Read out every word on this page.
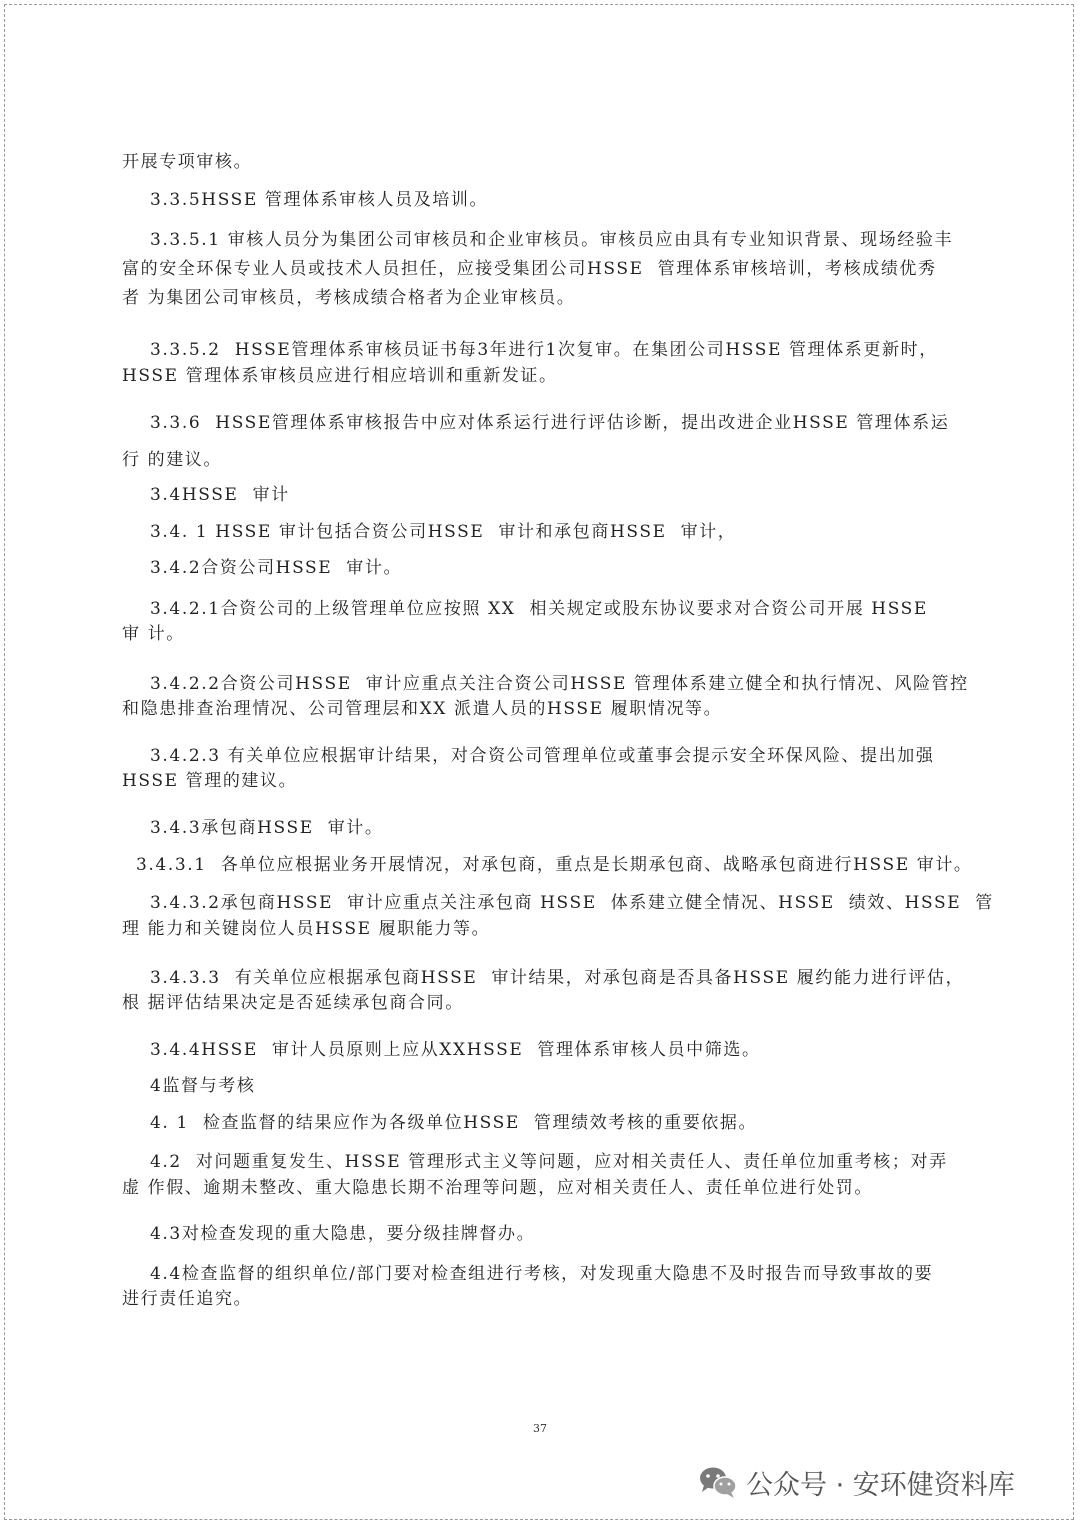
开展专项审核。
3.3.5HSSE 管理体系审核人员及培训。
3.3.5.1 审核人员分为集团公司审核员和企业审核员。审核员应由具有专业知识背景、现场经验丰
富的安全环保专业人员或技术人员担任，应接受集团公司HSSE  管理体系审核培训，考核成绩优秀
者 为集团公司审核员，考核成绩合格者为企业审核员。
3.3.5.2  HSSE管理体系审核员证书每3年进行1次复审。在集团公司HSSE 管理体系更新时，
HSSE 管理体系审核员应进行相应培训和重新发证。
3.3.6  HSSE管理体系审核报告中应对体系运行进行评估诊断，提出改进企业HSSE 管理体系运
行 的建议。
3.4HSSE  审计
3.4. 1 HSSE 审计包括合资公司HSSE  审计和承包商HSSE  审计，
3.4.2合资公司HSSE  审计。
3.4.2.1合资公司的上级管理单位应按照 XX  相关规定或股东协议要求对合资公司开展 HSSE
审 计。
3.4.2.2合资公司HSSE  审计应重点关注合资公司HSSE 管理体系建立健全和执行情况、风险管控
和隐患排查治理情况、公司管理层和XX 派遣人员的HSSE 履职情况等。
3.4.2.3 有关单位应根据审计结果，对合资公司管理单位或董事会提示安全环保风险、提出加强
HSSE 管理的建议。
3.4.3承包商HSSE  审计。
3.4.3.1  各单位应根据业务开展情况，对承包商，重点是长期承包商、战略承包商进行HSSE 审计。
3.4.3.2承包商HSSE  审计应重点关注承包商 HSSE  体系建立健全情况、HSSE  绩效、HSSE  管
理 能力和关键岗位人员HSSE 履职能力等。
3.4.3.3  有关单位应根据承包商HSSE  审计结果，对承包商是否具备HSSE 履约能力进行评估，
根 据评估结果决定是否延续承包商合同。
3.4.4HSSE  审计人员原则上应从XXHSSE  管理体系审核人员中筛选。
4监督与考核
4. 1  检查监督的结果应作为各级单位HSSE  管理绩效考核的重要依据。
4.2  对问题重复发生、HSSE 管理形式主义等问题，应对相关责任人、责任单位加重考核；对弄
虚 作假、逾期未整改、重大隐患长期不治理等问题，应对相关责任人、责任单位进行处罚。
4.3对检查发现的重大隐患，要分级挂牌督办。
4.4检查监督的组织单位/部门要对检查组进行考核，对发现重大隐患不及时报告而导致事故的要
进行责任追究。
37
公众号 · 安环健资料库
